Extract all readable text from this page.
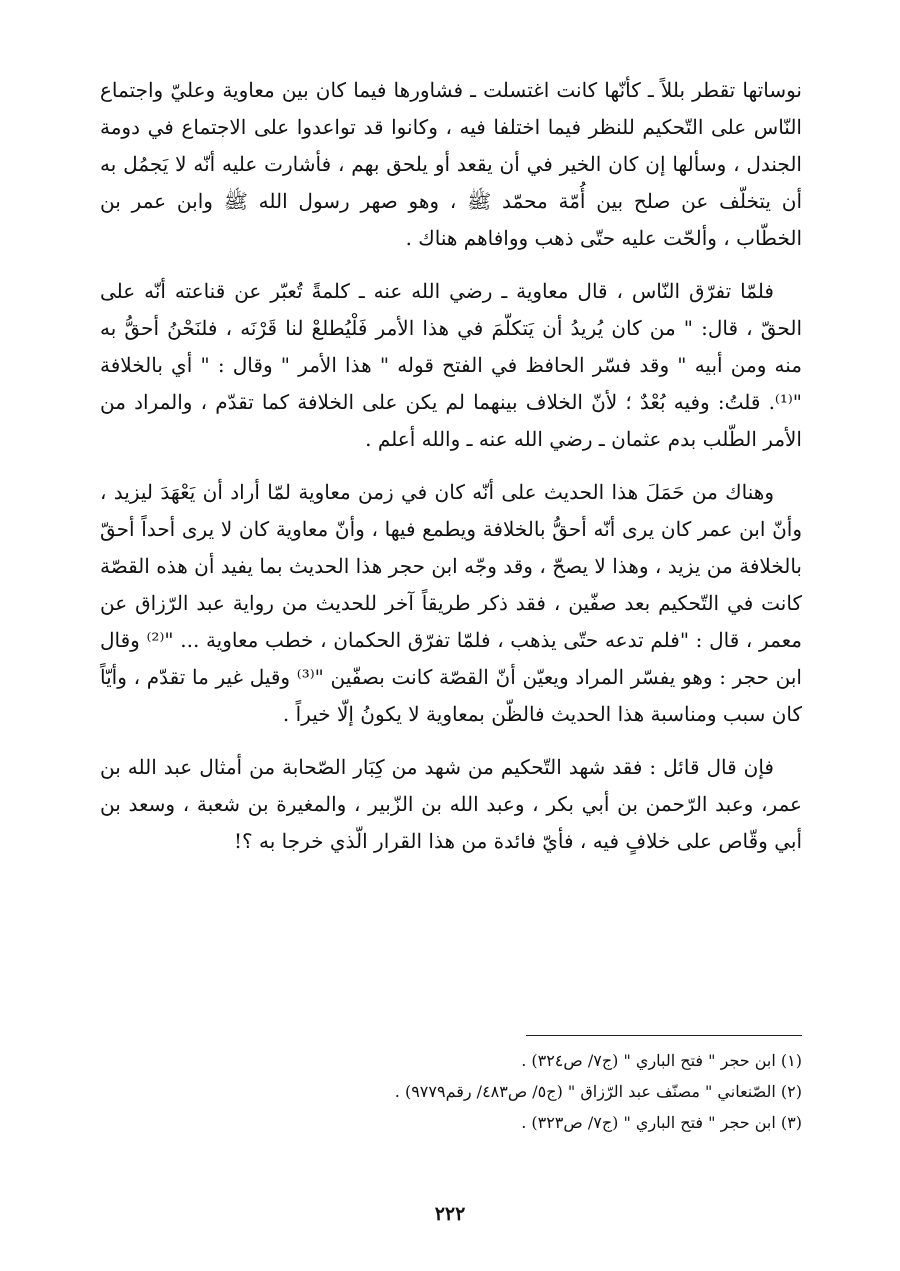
نوساتها تقطر بللاً ـ كأنّها كانت اغتسلت ـ فشاورها فيما كان بين معاوية وعليّ واجتماع النّاس على التّحكيم للنظر فيما اختلفا فيه ، وكانوا قد تواعدوا على الاجتماع في دومة الجندل ، وسألها إن كان الخير في أن يقعد أو يلحق بهم ، فأشارت عليه أنّه لا يَجمُل به أن يتخلّف عن صلح بين أُمّة محمّد ﷺ ، وهو صهر رسول الله ﷺ وابن عمر بن الخطّاب ، وألحّت عليه حتّى ذهب ووافاهم هناك .

فلمّا تفرّق النّاس ، قال معاوية ـ رضي الله عنه ـ كلمةً تُعبّر عن قناعته أنّه على الحقّ ، قال: " من كان يُريدُ أن يَتكلّمَ في هذا الأمر فَلْيُطلعْ لنا قَرْنَه ، فلنَحْنُ أحقُّ به منه ومن أبيه " وقد فسّر الحافظ في الفتح قوله " هذا الأمر " وقال : " أي بالخلافة "⁽¹⁾. قلتُ: وفيه بُعْدٌ ؛ لأنّ الخلاف بينهما لم يكن على الخلافة كما تقدّم ، والمراد من الأمر الطّلب بدم عثمان ـ رضي الله عنه ـ والله أعلم .

وهناك من حَمَلَ هذا الحديث على أنّه كان في زمن معاوية لمّا أراد أن يَعْهَدَ ليزيد ، وأنّ ابن عمر كان يرى أنّه أحقُّ بالخلافة ويطمع فيها ، وأنّ معاوية كان لا يرى أحداً أحقّ بالخلافة من يزيد ، وهذا لا يصحّ ، وقد وجّه ابن حجر هذا الحديث بما يفيد أن هذه القصّة كانت في التّحكيم بعد صفّين ، فقد ذكر طريقاً آخر للحديث من رواية عبد الرّزاق عن معمر ، قال : "فلم تدعه حتّى يذهب ، فلمّا تفرّق الحكمان ، خطب معاوية ... "⁽²⁾ وقال ابن حجر : وهو يفسّر المراد ويعيّن أنّ القصّة كانت بصفّين "⁽³⁾ وقيل غير ما تقدّم ، وأيّاً كان سبب ومناسبة هذا الحديث فالظّن بمعاوية لا يكونُ إلّا خيراً .

فإن قال قائل : فقد شهد التّحكيم من شهد من كِبَار الصّحابة من أمثال عبد الله بن عمر، وعبد الرّحمن بن أبي بكر ، وعبد الله بن الزّبير ، والمغيرة بن شعبة ، وسعد بن أبي وقّاص على خلافٍ فيه ، فأيّ فائدة من هذا القرار الّذي خرجا به ؟!

(١) ابن حجر " فتح الباري " (ج٧/ ص٣٢٤) .

(٢) الصّنعاني " مصنّف عبد الرّزاق " (ج٥/ ص٤٨٣/ رقم٩٧٧٩) .

(٣) ابن حجر " فتح الباري " (ج٧/ ص٣٢٣) .

٢٢٢
